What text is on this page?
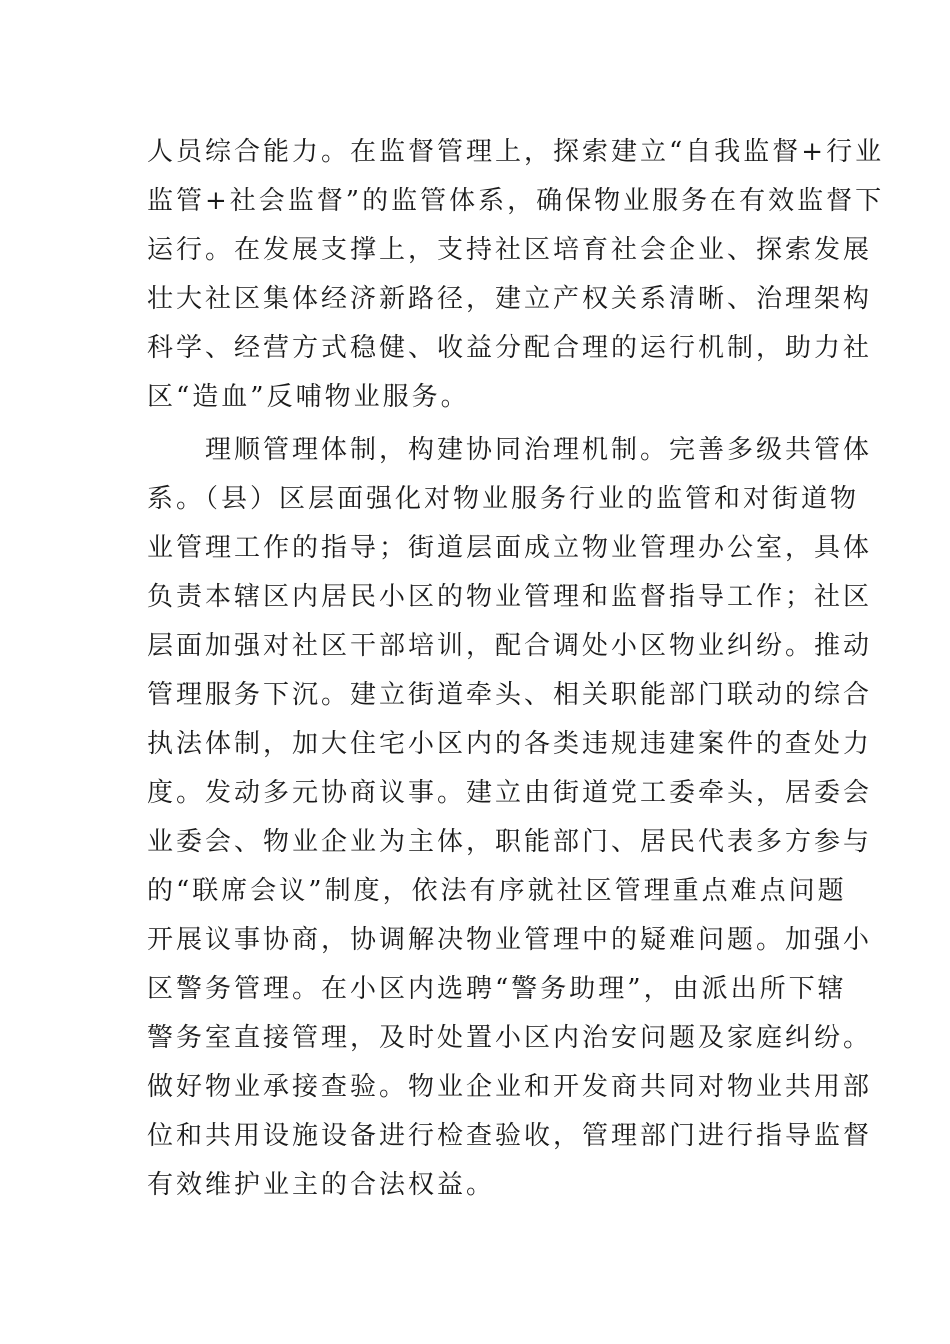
人员综合能力。在监督管理上，探索建立“自我监督+行业
监管+社会监督”的监管体系，确保物业服务在有效监督下
运行。在发展支撑上，支持社区培育社会企业、探索发展
壮大社区集体经济新路径，建立产权关系清晰、治理架构
科学、经营方式稳健、收益分配合理的运行机制，助力社
区“造血”反哺物业服务。
　　理顺管理体制，构建协同治理机制。完善多级共管体
系。（县）区层面强化对物业服务行业的监管和对街道物
业管理工作的指导；街道层面成立物业管理办公室，具体
负责本辖区内居民小区的物业管理和监督指导工作；社区
层面加强对社区干部培训，配合调处小区物业纠纷。推动
管理服务下沉。建立街道牵头、相关职能部门联动的综合
执法体制，加大住宅小区内的各类违规违建案件的查处力
度。发动多元协商议事。建立由街道党工委牵头，居委会
业委会、物业企业为主体，职能部门、居民代表多方参与
的“联席会议”制度，依法有序就社区管理重点难点问题
开展议事协商，协调解决物业管理中的疑难问题。加强小
区警务管理。在小区内选聘“警务助理”，由派出所下辖
警务室直接管理，及时处置小区内治安问题及家庭纠纷。
做好物业承接查验。物业企业和开发商共同对物业共用部
位和共用设施设备进行检查验收，管理部门进行指导监督
有效维护业主的合法权益。
